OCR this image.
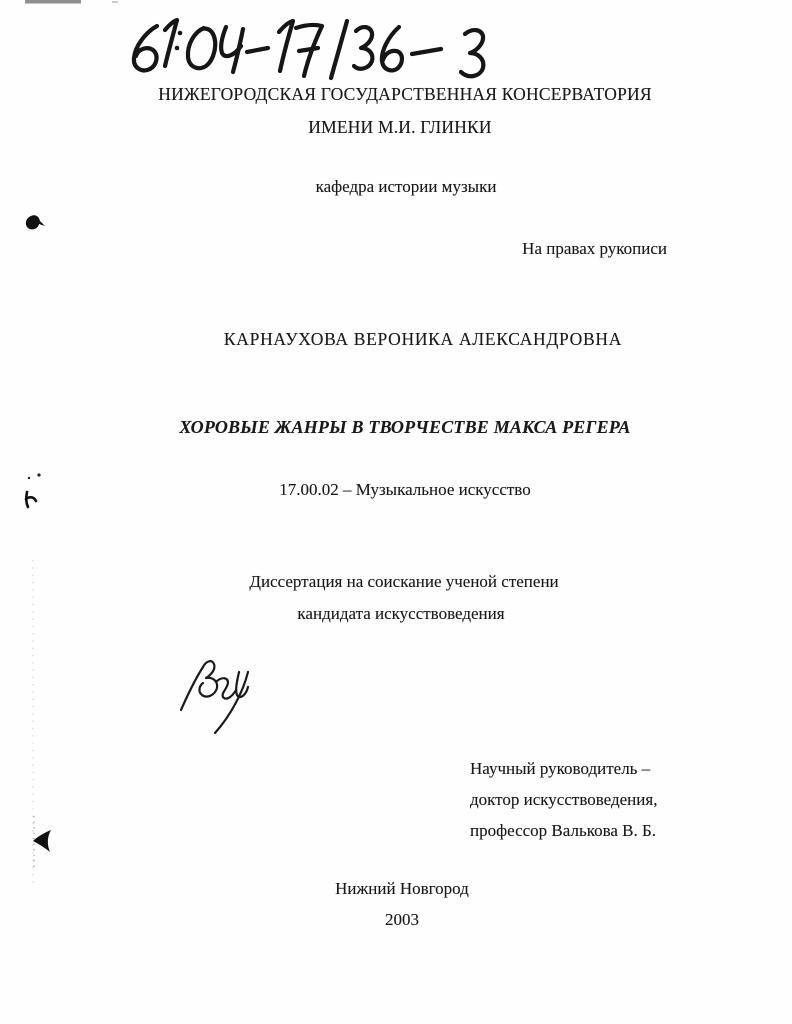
НИЖЕГОРОДСКАЯ ГОСУДАРСТВЕННАЯ КОНСЕРВАТОРИЯ
ИМЕНИ М.И. ГЛИНКИ
кафедра истории музыки
На правах рукописи
КАРНАУХОВА ВЕРОНИКА АЛЕКСАНДРОВНА
ХОРОВЫЕ ЖАНРЫ В ТВОРЧЕСТВЕ МАКСА РЕГЕРА
17.00.02 – Музыкальное искусство
Диссертация на соискание ученой степени
кандидата искусствоведения
Научный руководитель –
доктор искусствоведения,
профессор Валькова В. Б.
Нижний Новгород
2003
